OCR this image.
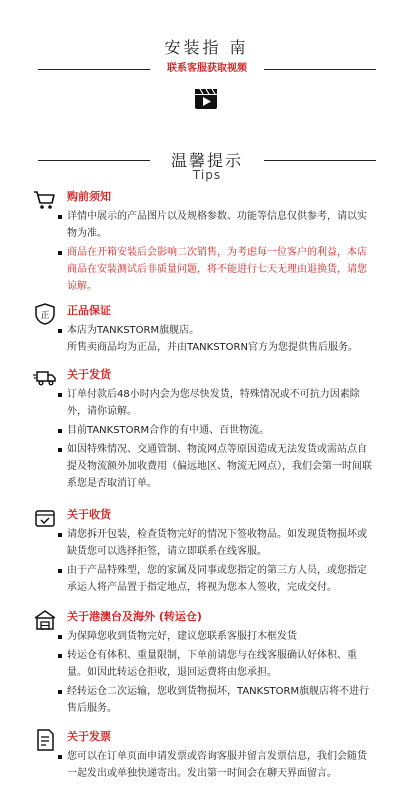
安装指 南
联系客服获取视频
温馨提示
Tips
购前须知
详情中展示的产品图片以及规格参数、功能等信息仅供参考，请以实物为准。
商品在开箱安装后会影响二次销售，为考虑每一位客户的利益，本店商品在安装测试后非质量问题，将不能进行七天无理由退换货，请您谅解。
正 正品保证
本店为TANKSTORM旗舰店。
所售卖商品均为正品，并由TANKSTORN官方为您提供售后服务。
关于发货
订单付款后48小时内会为您尽快发货，特殊情况或不可抗力因素除外，请你谅解。
目前TANKSTORM合作的有中通、百世物流。
如因特殊情况、交通管制、物流网点等原因造成无法发货或需站点自提及物流额外加收费用（偏远地区、物流无网点），我们会第一时间联系您是否取消订单。
关于收货
请您拆开包装，检查货物完好的情况下签收物品。如发现货物损坏或缺货您可以选择拒签，请立即联系在线客服。
由于产品特殊型，您的家属及同事或您指定的第三方人员，或您指定承运人将产品置于指定地点，将视为您本人签收，完成交付。
关于港澳台及海外 (转运仓)
为保障您收到货物完好，建议您联系客服打木框发货
转运仓有体积、重量限制，下单前请您与在线客服确认好体积、重量。如因此转运仓拒收，退回运费将由您承担。
经转运仓二次运输，您收到货物损坏，TANKSTORM旗舰店将不进行售后服务。
关于发票
您可以在订单页面申请发票或咨询客服并留言发票信息，我们会随货一起发出或单独快递寄出。发出第一时间会在聊天界面留言。
